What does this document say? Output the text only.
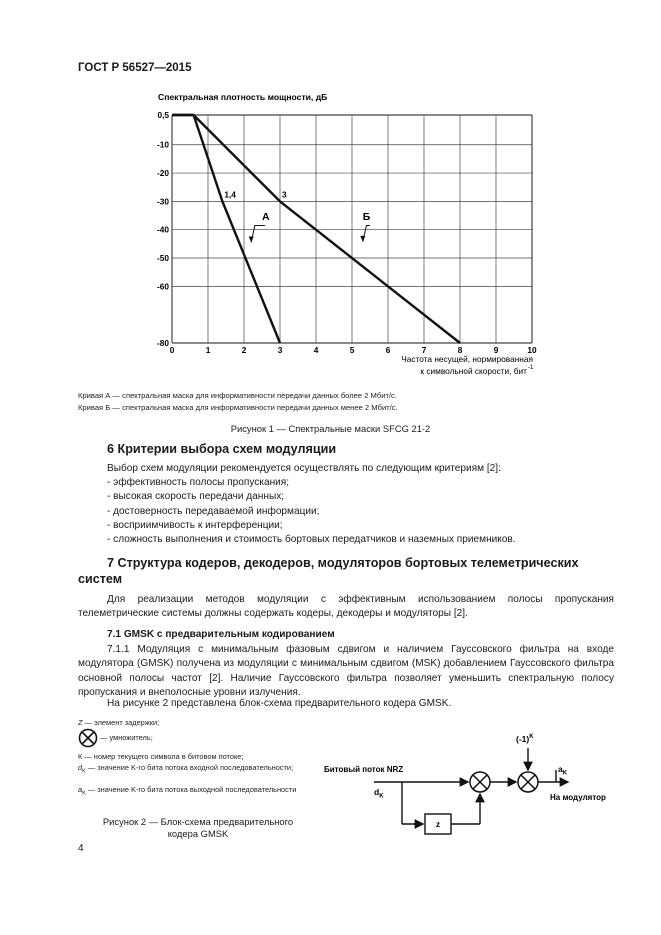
ГОСТ Р 56527—2015
Спектральная плотность мощности, дБ
0,5
-10
-20
-30
-40
-50
-60
-80
0	1	2	3	4	5	6	7	8	9	10
1,4	3
А	Б
Частота несущей, нормированная
к символьной скорости, бит -1
Кривая А — спектральная маска для информативности передачи данных более 2 Мбит/с.
Кривая Б — спектральная маска для информативности передачи данных менее 2 Мбит/с.
Рисунок 1 — Спектральные маски SFCG 21-2
6 Критерии выбора схем модуляции
Выбор схем модуляции рекомендуется осуществлять по следующим критериям [2]:
- эффективность полосы пропускания;
- высокая скорость передачи данных;
- достоверность передаваемой информации;
- восприимчивость к интерференции;
- сложность выполнения и стоимость бортовых передатчиков и наземных приемников.
7 Структура кодеров, декодеров, модуляторов бортовых телеметрических
систем
Для реализации методов модуляции с эффективным использованием полосы пропускания телеметрические системы должны содержать кодеры, декодеры и модуляторы [2].
7.1 GMSK с предварительным кодированием
7.1.1 Модуляция с минимальным фазовым сдвигом и наличием Гауссовского фильтра на входе модулятора (GMSK) получена из модуляции с минимальным сдвигом (MSK) добавлением Гауссовского фильтра основной полосы частот [2]. Наличие Гауссовского фильтра позволяет уменьшить спектральную полосу пропускания и внеполосные уровни излучения.
На рисунке 2 представлена блок-схема предварительного кодера GMSK.
Z — элемент задержки;
— умножитель;
К — номер текущего символа в битовом потоке;
$d_K$ — значение K-го бита потока входной последовательности;
$a_K$ — значение K-го бита потока выходной последовательности
Рисунок 2 — Блок-схема предварительного
кодера GMSK
Битовый поток NRZ
$d_K$
z
$(-1)^K$
$a_K$
На модулятор
4
